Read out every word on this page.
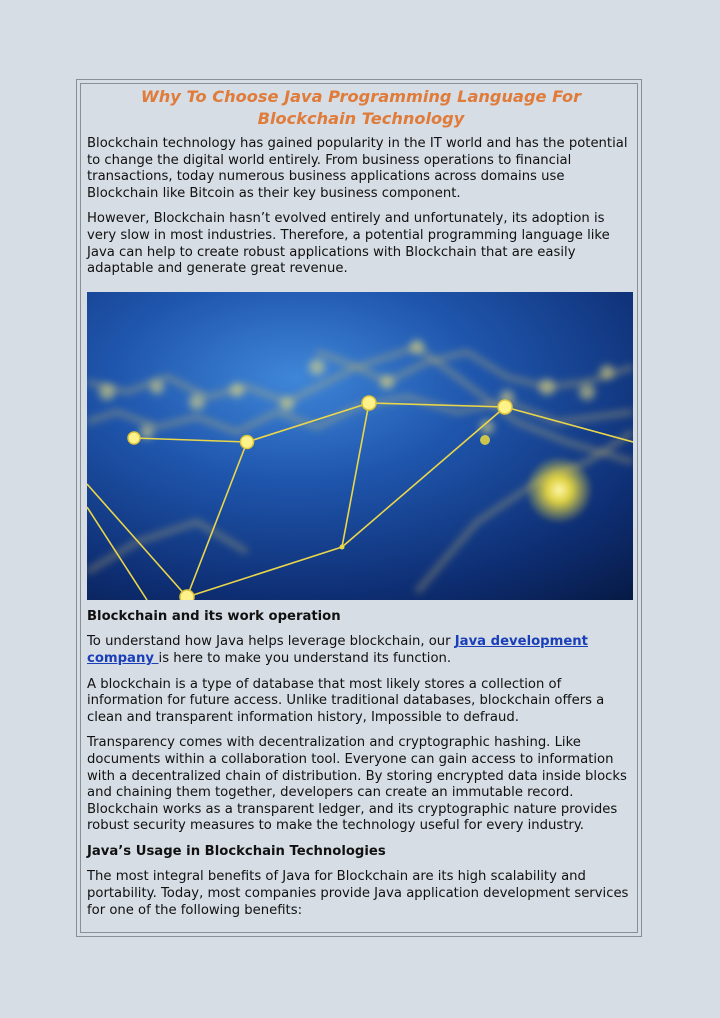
Why To Choose Java Programming Language For
Blockchain Technology

Blockchain technology has gained popularity in the IT world and has the potential to change the digital world entirely. From business operations to financial transactions, today numerous business applications across domains use Blockchain like Bitcoin as their key business component.

However, Blockchain hasn’t evolved entirely and unfortunately, its adoption is very slow in most industries. Therefore, a potential programming language like Java can help to create robust applications with Blockchain that are easily adaptable and generate great revenue.

Blockchain and its work operation

To understand how Java helps leverage blockchain, our Java development company is here to make you understand its function.

A blockchain is a type of database that most likely stores a collection of information for future access. Unlike traditional databases, blockchain offers a clean and transparent information history, Impossible to defraud.

Transparency comes with decentralization and cryptographic hashing. Like documents within a collaboration tool. Everyone can gain access to information with a decentralized chain of distribution. By storing encrypted data inside blocks and chaining them together, developers can create an immutable record. Blockchain works as a transparent ledger, and its cryptographic nature provides robust security measures to make the technology useful for every industry.

Java’s Usage in Blockchain Technologies

The most integral benefits of Java for Blockchain are its high scalability and portability. Today, most companies provide Java application development services for one of the following benefits:
